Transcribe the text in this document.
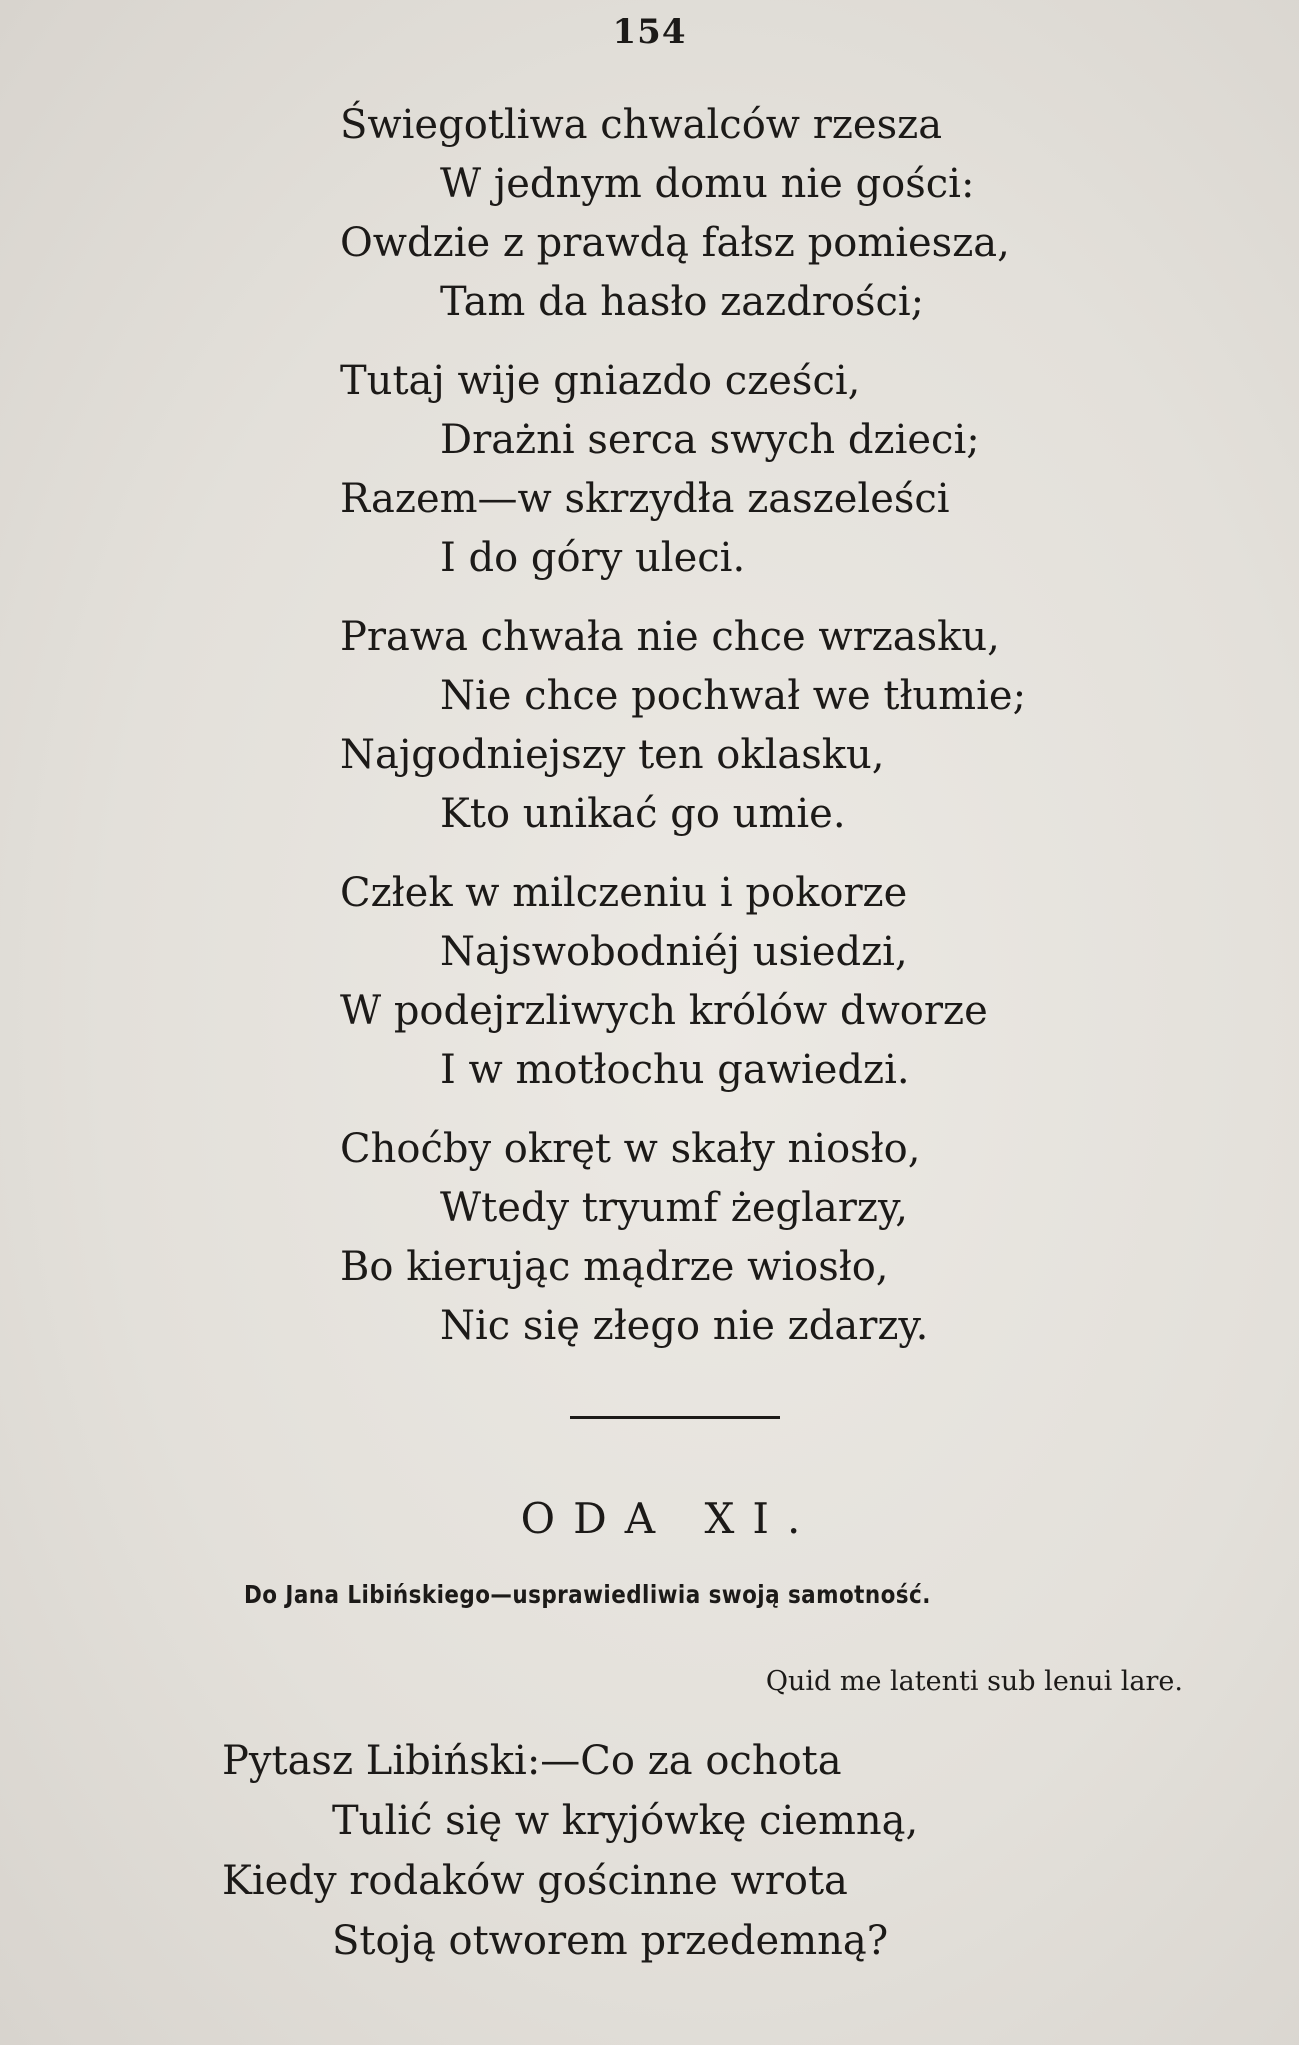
154
Świegotliwa chwalców rzesza
W jednym domu nie gości:
Owdzie z prawdą fałsz pomiesza,
Tam da hasło zazdrości;
Tutaj wije gniazdo cześci,
Drażni serca swych dzieci;
Razem—w skrzydła zaszeleści
I do góry uleci.
Prawa chwała nie chce wrzasku,
Nie chce pochwał we tłumie;
Najgodniejszy ten oklasku,
Kto unikać go umie.
Człek w milczeniu i pokorze
Najswobodniéj usiedzi,
W podejrzliwych królów dworze
I w motłochu gawiedzi.
Choćby okręt w skały niosło,
Wtedy tryumf żeglarzy,
Bo kierując mądrze wiosło,
Nic się złego nie zdarzy.
ODA XI.
Do Jana Libińskiego—usprawiedliwia swoją samotność.
Quid me latenti sub lenui lare.
Pytasz Libiński:—Co za ochota
Tulić się w kryjówkę ciemną,
Kiedy rodaków gościnne wrota
Stoją otworem przedemną?
